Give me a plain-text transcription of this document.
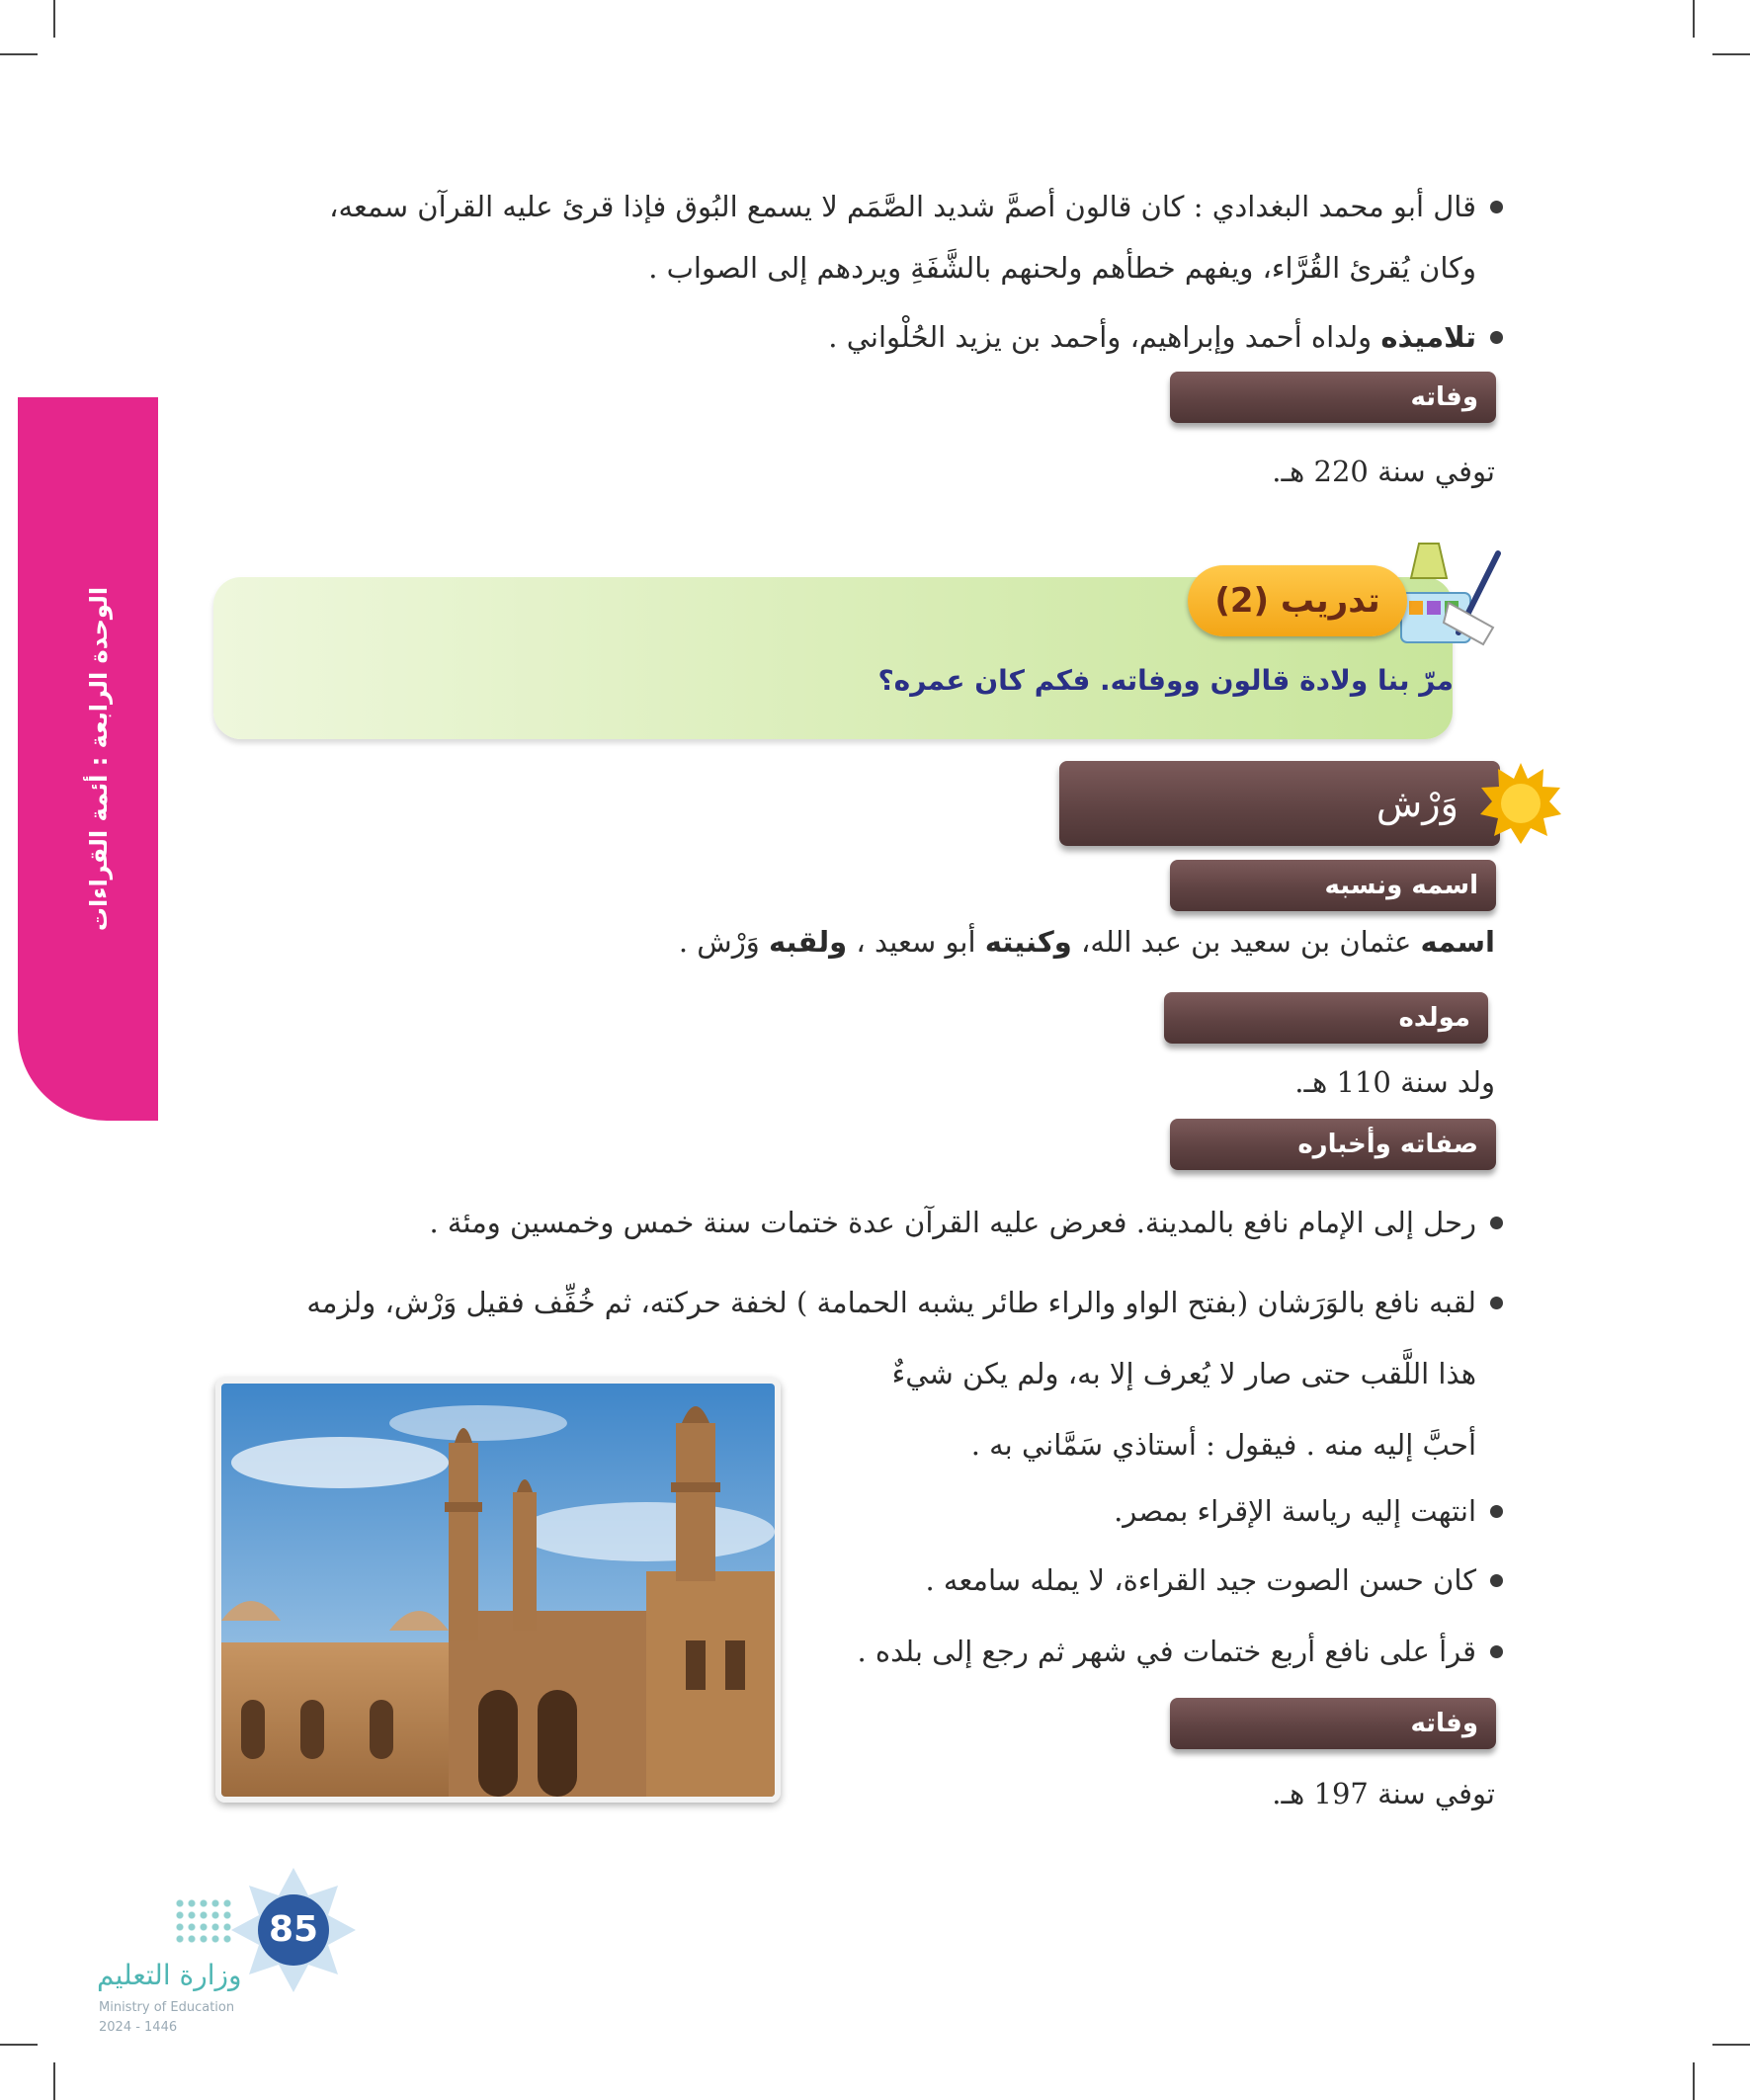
الوحدة الرابعة : أئمة القراءات
قال أبو محمد البغدادي : كان قالون أصمَّ شديد الصَّمَم لا يسمع البُوق فإذا قرئ عليه القرآن سمعه،
وكان يُقرئ القُرَّاء، ويفهم خطأهم ولحنهم بالشَّفَةِ ويردهم إلى الصواب .
تلاميذه ولداه أحمد وإبراهيم، وأحمد بن يزيد الحُلْواني .
وفاته
توفي سنة 220 هـ.
تدريب (2)
مرّ بنا ولادة قالون ووفاته. فكم كان عمره؟
وَرْش
اسمه ونسبه
اسمه عثمان بن سعيد بن عبد الله، وكنيته أبو سعيد ، ولقبه وَرْش .
مولده
ولد سنة 110 هـ.
صفاته وأخباره
رحل إلى الإمام نافع بالمدينة. فعرض عليه القرآن عدة ختمات سنة خمس وخمسين ومئة .
لقبه نافع بالوَرَشان (بفتح الواو والراء طائر يشبه الحمامة ) لخفة حركته، ثم خُفِّف فقيل وَرْش، ولزمه
هذا اللَّقب حتى صار لا يُعرف إلا به، ولم يكن شيءٌ
أحبَّ إليه منه . فيقول : أستاذي سَمَّاني به .
انتهت إليه رياسة الإقراء بمصر.
كان حسن الصوت جيد القراءة، لا يمله سامعه .
قرأ على نافع أربع ختمات في شهر ثم رجع إلى بلده .
وفاته
توفي سنة 197 هـ.
85
وزارة التعليم
Ministry of Education
2024 - 1446
